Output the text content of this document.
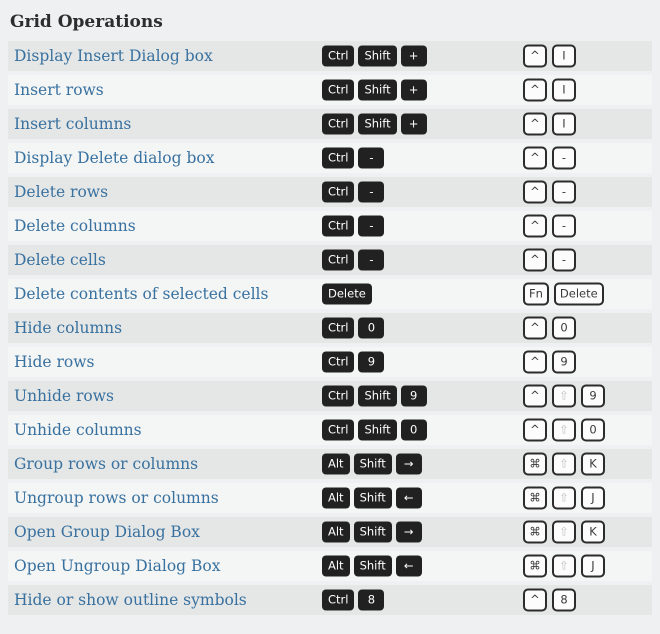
Grid Operations
Display Insert Dialog box	Ctrl	Shift	+	^	I
Insert rows	Ctrl	Shift	+	^	I
Insert columns	Ctrl	Shift	+	^	I
Display Delete dialog box	Ctrl	-	^	-
Delete rows	Ctrl	-	^	-
Delete columns	Ctrl	-	^	-
Delete cells	Ctrl	-	^	-
Delete contents of selected cells	Delete	Fn	Delete
Hide columns	Ctrl	0	^	0
Hide rows	Ctrl	9	^	9
Unhide rows	Ctrl	Shift	9	^	⇧	9
Unhide columns	Ctrl	Shift	0	^	⇧	0
Group rows or columns	Alt	Shift	→	⌘	⇧	K
Ungroup rows or columns	Alt	Shift	←	⌘	⇧	J
Open Group Dialog Box	Alt	Shift	→	⌘	⇧	K
Open Ungroup Dialog Box	Alt	Shift	←	⌘	⇧	J
Hide or show outline symbols	Ctrl	8	^	8
